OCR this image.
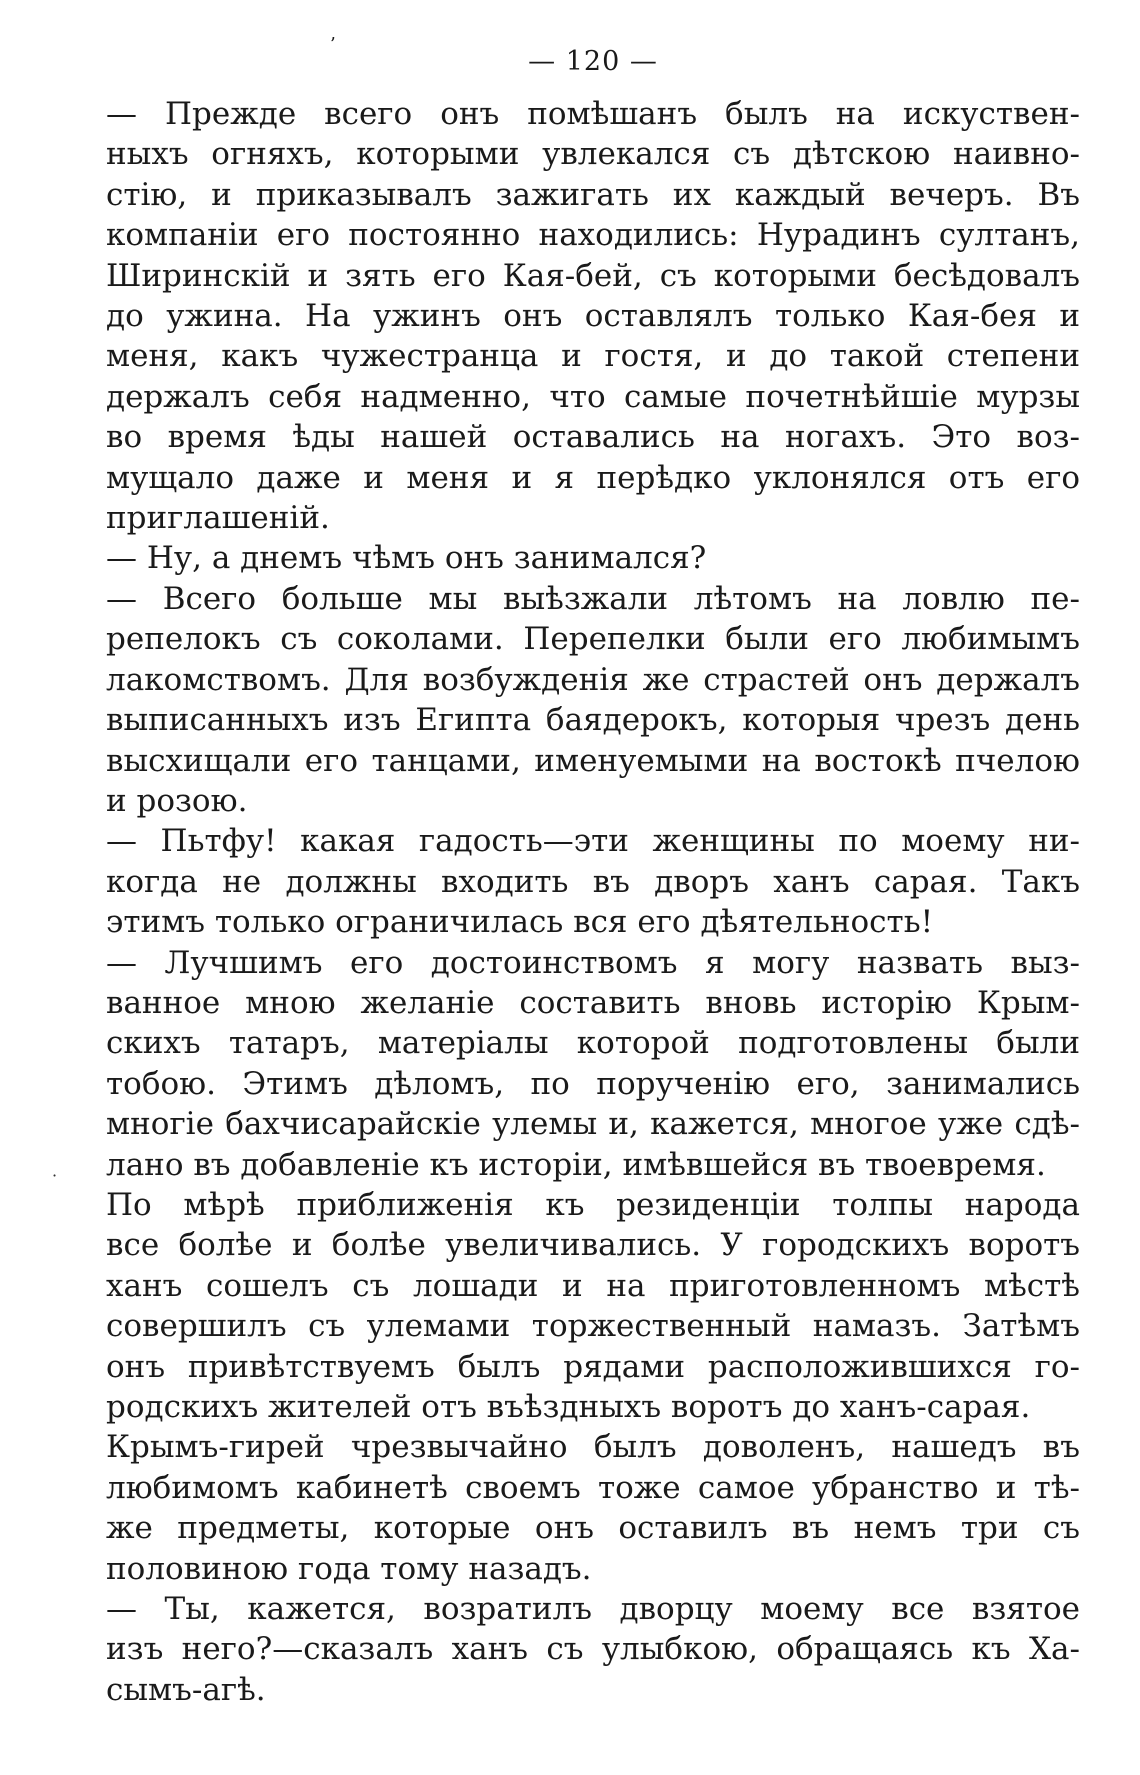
— 120 —
— Прежде всего онъ помѣшанъ былъ на искуствен-
ныхъ огняхъ, которыми увлекался съ дѣтскою наивно-
стію, и приказывалъ зажигать их каждый вечеръ. Въ
компаніи его постоянно находились: Нурадинъ султанъ,
Ширинскій и зять его Кая-бей, съ которыми бесѣдовалъ
до ужина. На ужинъ онъ оставлялъ только Кая-бея и
меня, какъ чужестранца и гостя, и до такой степени
держалъ себя надменно, что самые почетнѣйшіе мурзы
во время ѣды нашей оставались на ногахъ. Это воз-
мущало даже и меня и я перѣдко уклонялся отъ его
приглашеній.
— Ну, а днемъ чѣмъ онъ занимался?
— Всего больше мы выѣзжали лѣтомъ на ловлю пе-
репелокъ съ соколами. Перепелки были его любимымъ
лакомствомъ. Для возбужденія же страстей онъ держалъ
выписанныхъ изъ Египта баядерокъ, которыя чрезъ день
высхищали его танцами, именуемыми на востокѣ пчелою
и розою.
— Пьтфу! какая гадость—эти женщины по моему ни-
когда не должны входить въ дворъ ханъ сарая. Такъ
этимъ только ограничилась вся его дѣятельность!
— Лучшимъ его достоинствомъ я могу назвать выз-
ванное мною желаніе составить вновь исторію Крым-
скихъ татаръ, матеріалы которой подготовлены были
тобою. Этимъ дѣломъ, по порученію его, занимались
многіе бахчисарайскіе улемы и, кажется, многое уже сдѣ-
лано въ добавленіе къ исторіи, имѣвшейся въ твоевремя.
По мѣрѣ приближенія къ резиденціи толпы народа
все болѣе и болѣе увеличивались. У городскихъ воротъ
ханъ сошелъ съ лошади и на приготовленномъ мѣстѣ
совершилъ съ улемами торжественный намазъ. Затѣмъ
онъ привѣтствуемъ былъ рядами расположившихся го-
родскихъ жителей отъ въѣздныхъ воротъ до ханъ-сарая.
Крымъ-гирей чрезвычайно былъ доволенъ, нашедъ въ
любимомъ кабинетѣ своемъ тоже самое убранство и тѣ-
же предметы, которые онъ оставилъ въ немъ три съ
половиною года тому назадъ.
— Ты, кажется, возратилъ дворцу моему все взятое
изъ него?—сказалъ ханъ съ улыбкою, обращаясь къ Ха-
сымъ-агѣ.
’
·
